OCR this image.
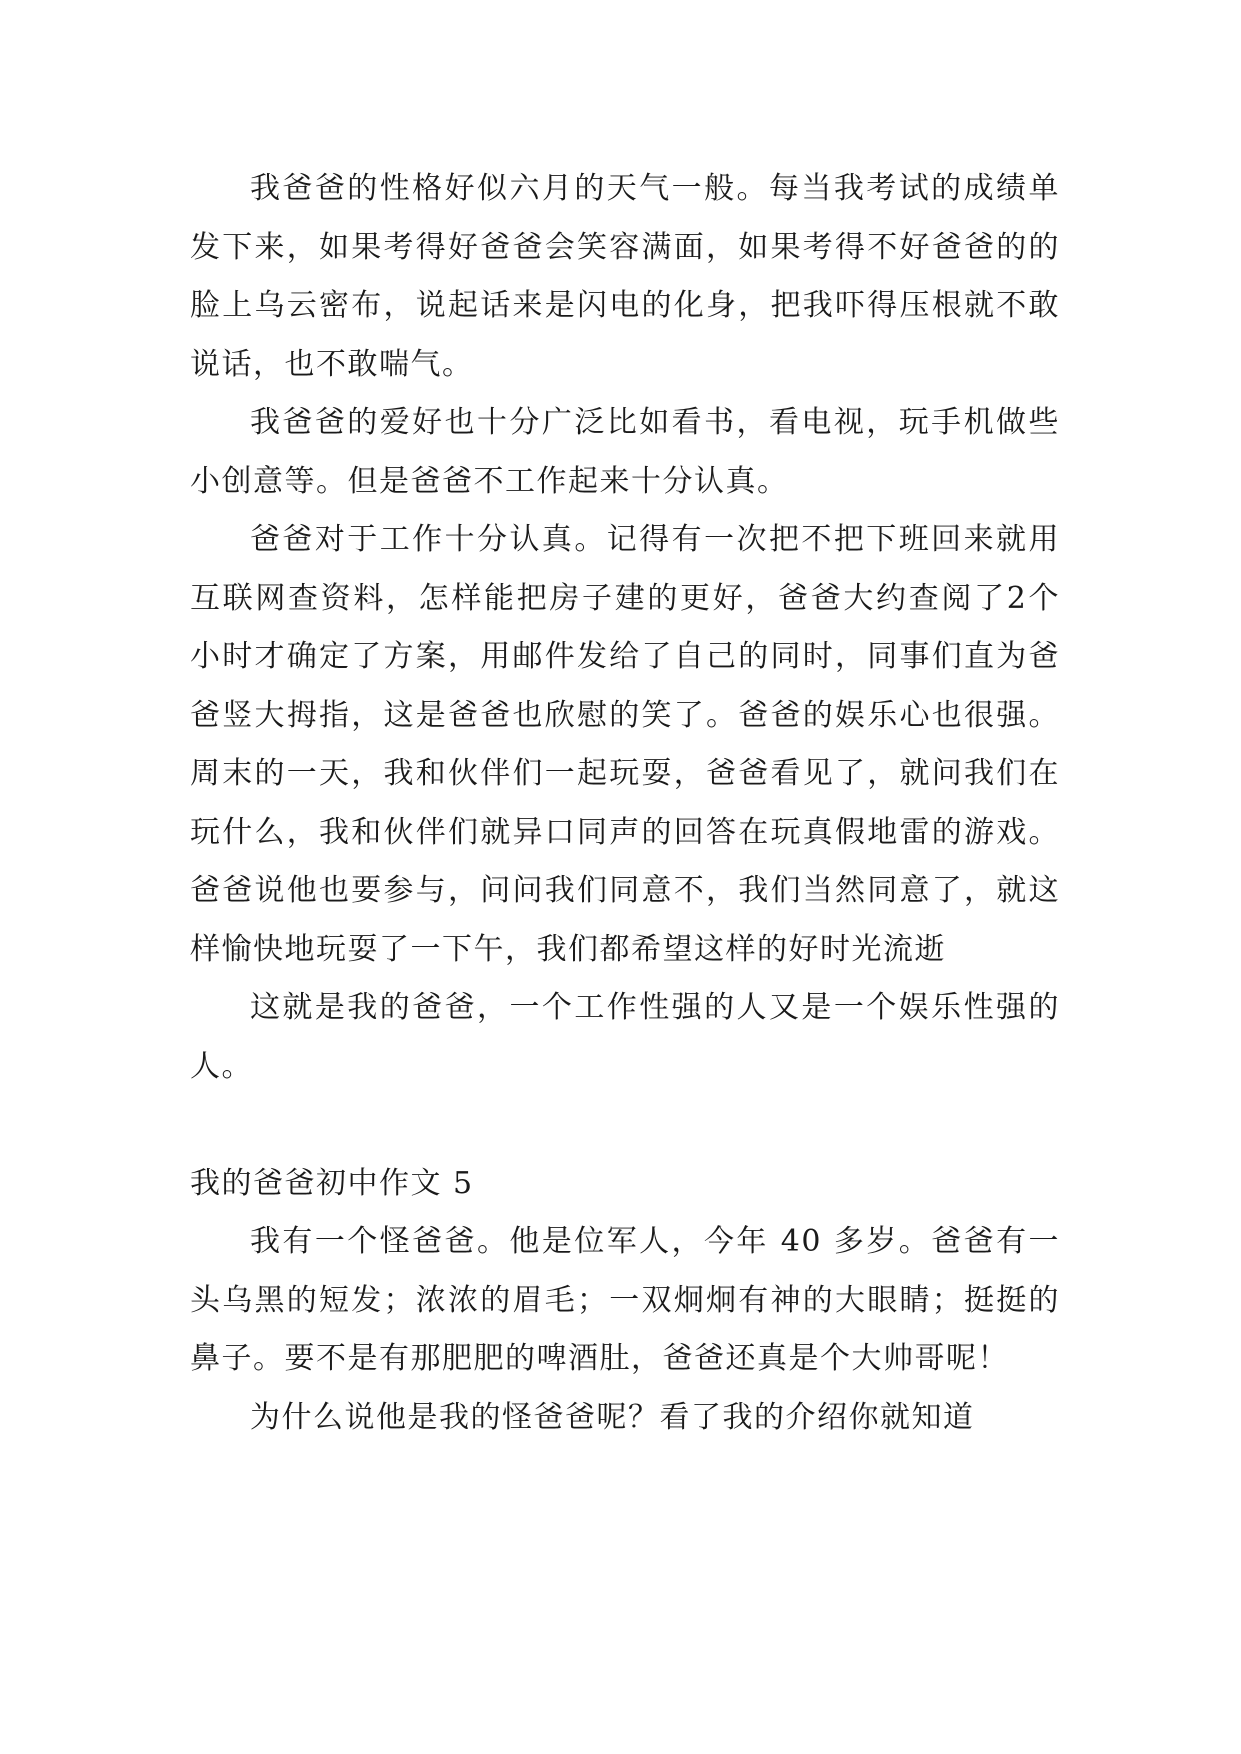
我爸爸的性格好似六月的天气一般。每当我考试的成绩单发下来，如果考得好爸爸会笑容满面，如果考得不好爸爸的的脸上乌云密布，说起话来是闪电的化身，把我吓得压根就不敢说话，也不敢喘气。

我爸爸的爱好也十分广泛比如看书，看电视，玩手机做些小创意等。但是爸爸不工作起来十分认真。

爸爸对于工作十分认真。记得有一次把不把下班回来就用互联网查资料，怎样能把房子建的更好，爸爸大约查阅了2个小时才确定了方案，用邮件发给了自己的同时，同事们直为爸爸竖大拇指，这是爸爸也欣慰的笑了。爸爸的娱乐心也很强。周末的一天，我和伙伴们一起玩耍，爸爸看见了，就问我们在玩什么，我和伙伴们就异口同声的回答在玩真假地雷的游戏。爸爸说他也要参与，问问我们同意不，我们当然同意了，就这样愉快地玩耍了一下午，我们都希望这样的好时光流逝

这就是我的爸爸，一个工作性强的人又是一个娱乐性强的人。

我的爸爸初中作文 5

我有一个怪爸爸。他是位军人，今年 40 多岁。爸爸有一头乌黑的短发；浓浓的眉毛；一双炯炯有神的大眼睛；挺挺的鼻子。要不是有那肥肥的啤酒肚，爸爸还真是个大帅哥呢！

为什么说他是我的怪爸爸呢？看了我的介绍你就知道
